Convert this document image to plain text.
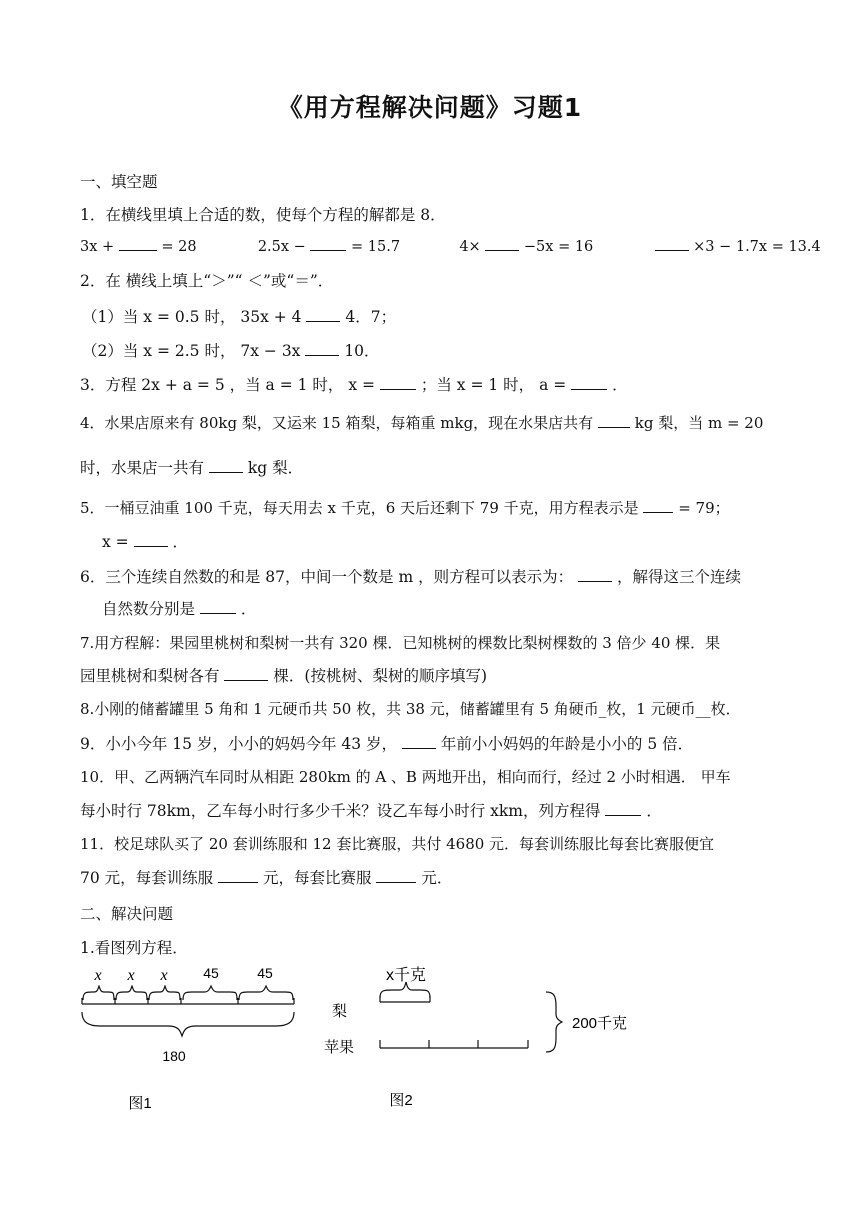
《用方程解决问题》习题1
一、填空题
1．在横线里填上合适的数，使每个方程的解都是 8．
3x +	= 28	2.5x −	= 15.7	4×	−5x = 16	×3 − 1.7x = 13.4
2．在 横线上填上“＞”“ ＜”或“＝”．
（1）当 x = 0.5 时， 35x + 4	4．7；
（2）当 x = 2.5 时， 7x − 3x	10．
3．方程 2x + a = 5 ，当 a = 1 时， x =	；当 x = 1 时， a =	．
4．水果店原来有 80kg 梨，又运来 15 箱梨，每箱重 mkg，现在水果店共有	kg 梨，当 m = 20
时，水果店一共有	kg 梨．
5．一桶豆油重 100 千克，每天用去 x 千克，6 天后还剩下 79 千克，用方程表示是	= 79；
x =	．
6．三个连续自然数的和是 87，中间一个数是 m ，则方程可以表示为：	，解得这三个连续
自然数分别是	．
7.用方程解：果园里桃树和梨树一共有 320 棵．已知桃树的棵数比梨树棵数的 3 倍少 40 棵．果
园里桃树和梨树各有	棵．(按桃树、梨树的顺序填写)
8.小刚的储蓄罐里 5 角和 1 元硬币共 50 枚，共 38 元，储蓄罐里有 5 角硬币_枚，1 元硬币__枚．
9．小小今年 15 岁，小小的妈妈今年 43 岁，	年前小小妈妈的年龄是小小的 5 倍．
10．甲、乙两辆汽车同时从相距 280km 的 A 、B 两地开出，相向而行，经过 2 小时相遇． 甲车
每小时行 78km，乙车每小时行多少千米？设乙车每小时行 xkm，列方程得	．
11．校足球队买了 20 套训练服和 12 套比赛服，共付 4680 元．每套训练服比每套比赛服便宜
70 元，每套训练服	元，每套比赛服	元．
二、解决问题
1.看图列方程．
x x x	45	45
180
图1
x千克
梨
苹果
200千克
图2
